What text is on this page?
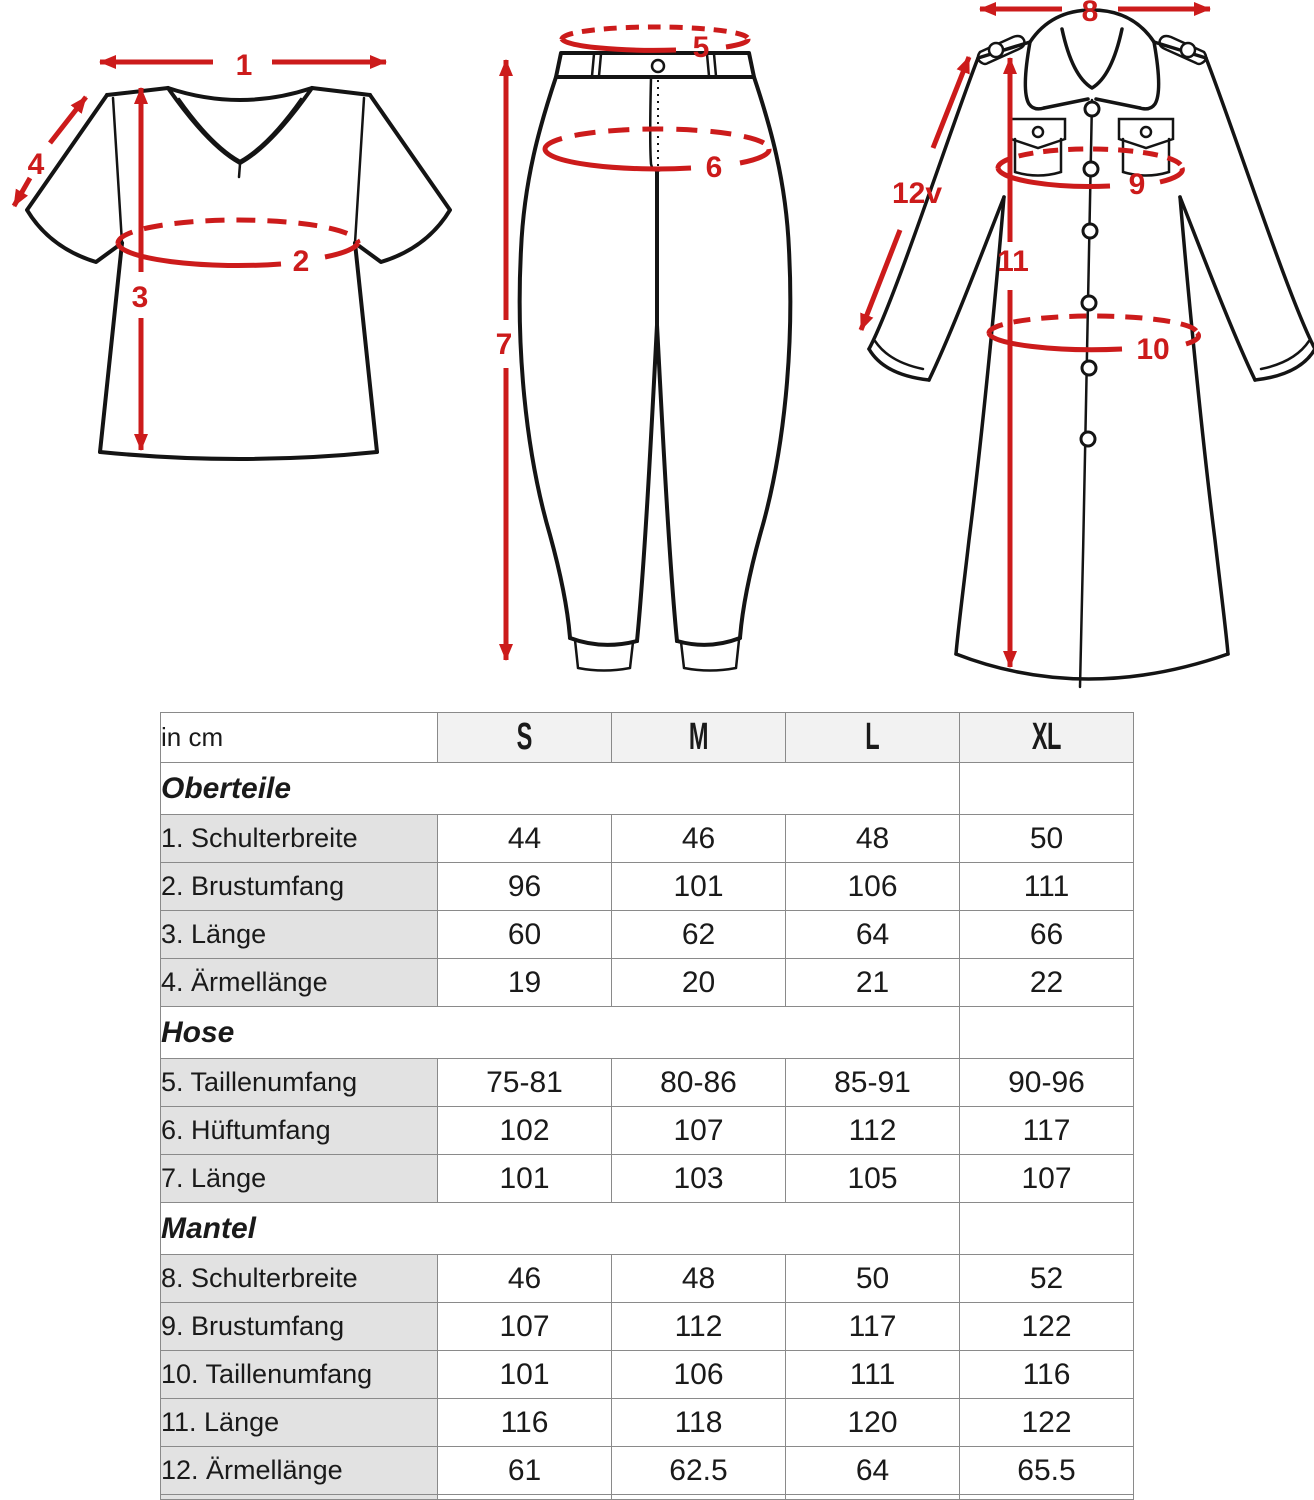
1
4
2
3
5
6
7
8
12v
11
9
10
in cm	S	M	L	XL
Oberteile				
1. Schulterbreite	44	46	48	50
2. Brustumfang	96	101	106	111
3. Länge	60	62	64	66
4. Ärmellänge	19	20	21	22
Hose				
5. Taillenumfang	75-81	80-86	85-91	90-96
6. Hüftumfang	102	107	112	117
7. Länge	101	103	105	107
Mantel				
8. Schulterbreite	46	48	50	52
9. Brustumfang	107	112	117	122
10. Taillenumfang	101	106	111	116
11. Länge	116	118	120	122
12. Ärmellänge	61	62.5	64	65.5
